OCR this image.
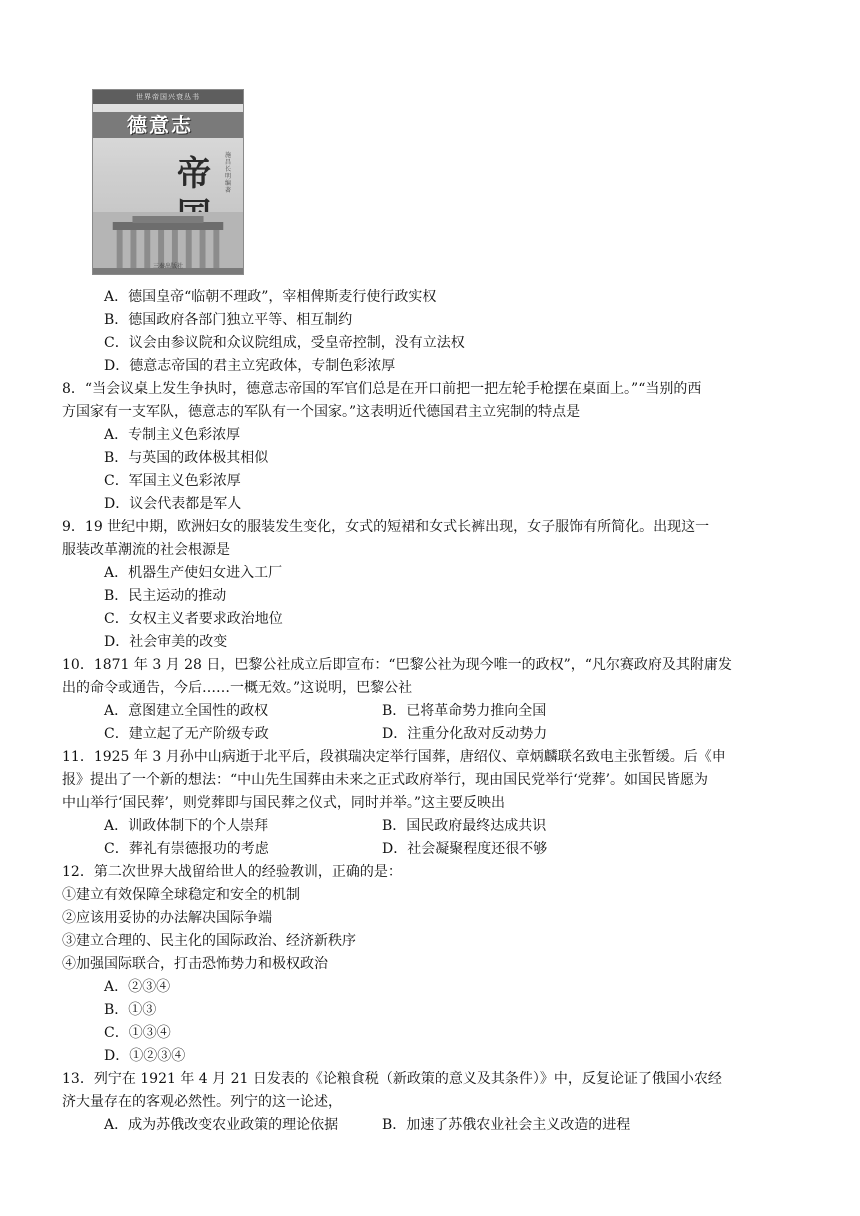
世界帝国兴衰丛书
德意志
帝 施昌长 明 编著
三秦出版社
A．德国皇帝“临朝不理政”，宰相俾斯麦行使行政实权
B．德国政府各部门独立平等、相互制约
C．议会由参议院和众议院组成，受皇帝控制，没有立法权
D．德意志帝国的君主立宪政体，专制色彩浓厚
8．“当会议桌上发生争执时，德意志帝国的军官们总是在开口前把一把左轮手枪摆在桌面上。”“当别的西
方国家有一支军队，德意志的军队有一个国家。”这表明近代德国君主立宪制的特点是
A．专制主义色彩浓厚
B．与英国的政体极其相似
C．军国主义色彩浓厚
D．议会代表都是军人
9．19 世纪中期，欧洲妇女的服装发生变化，女式的短裙和女式长裤出现，女子服饰有所简化。出现这一
服装改革潮流的社会根源是
A．机器生产使妇女进入工厂
B．民主运动的推动
C．女权主义者要求政治地位
D．社会审美的改变
10．1871 年 3 月 28 日，巴黎公社成立后即宣布：“巴黎公社为现今唯一的政权”，“凡尔赛政府及其附庸发
出的命令或通告，今后……一概无效。”这说明，巴黎公社
A．意图建立全国性的政权	B．已将革命势力推向全国
C．建立起了无产阶级专政	D．注重分化敌对反动势力
11．1925 年 3 月孙中山病逝于北平后，段祺瑞决定举行国葬，唐绍仪、章炳麟联名致电主张暂缓。后《申
报》提出了一个新的想法：“中山先生国葬由未来之正式政府举行，现由国民党举行‘党葬’。如国民皆愿为
中山举行‘国民葬’，则党葬即与国民葬之仪式，同时并举。”这主要反映出
A．训政体制下的个人崇拜	B．国民政府最终达成共识
C．葬礼有崇德报功的考虑	D．社会凝聚程度还很不够
12．第二次世界大战留给世人的经验教训，正确的是：
①建立有效保障全球稳定和安全的机制
②应该用妥协的办法解决国际争端
③建立合理的、民主化的国际政治、经济新秩序
④加强国际联合，打击恐怖势力和极权政治
A．②③④
B．①③
C．①③④
D．①②③④
13．列宁在 1921 年 4 月 21 日发表的《论粮食税（新政策的意义及其条件）》中，反复论证了俄国小农经
济大量存在的客观必然性。列宁的这一论述，
A．成为苏俄改变农业政策的理论依据	B．加速了苏俄农业社会主义改造的进程
